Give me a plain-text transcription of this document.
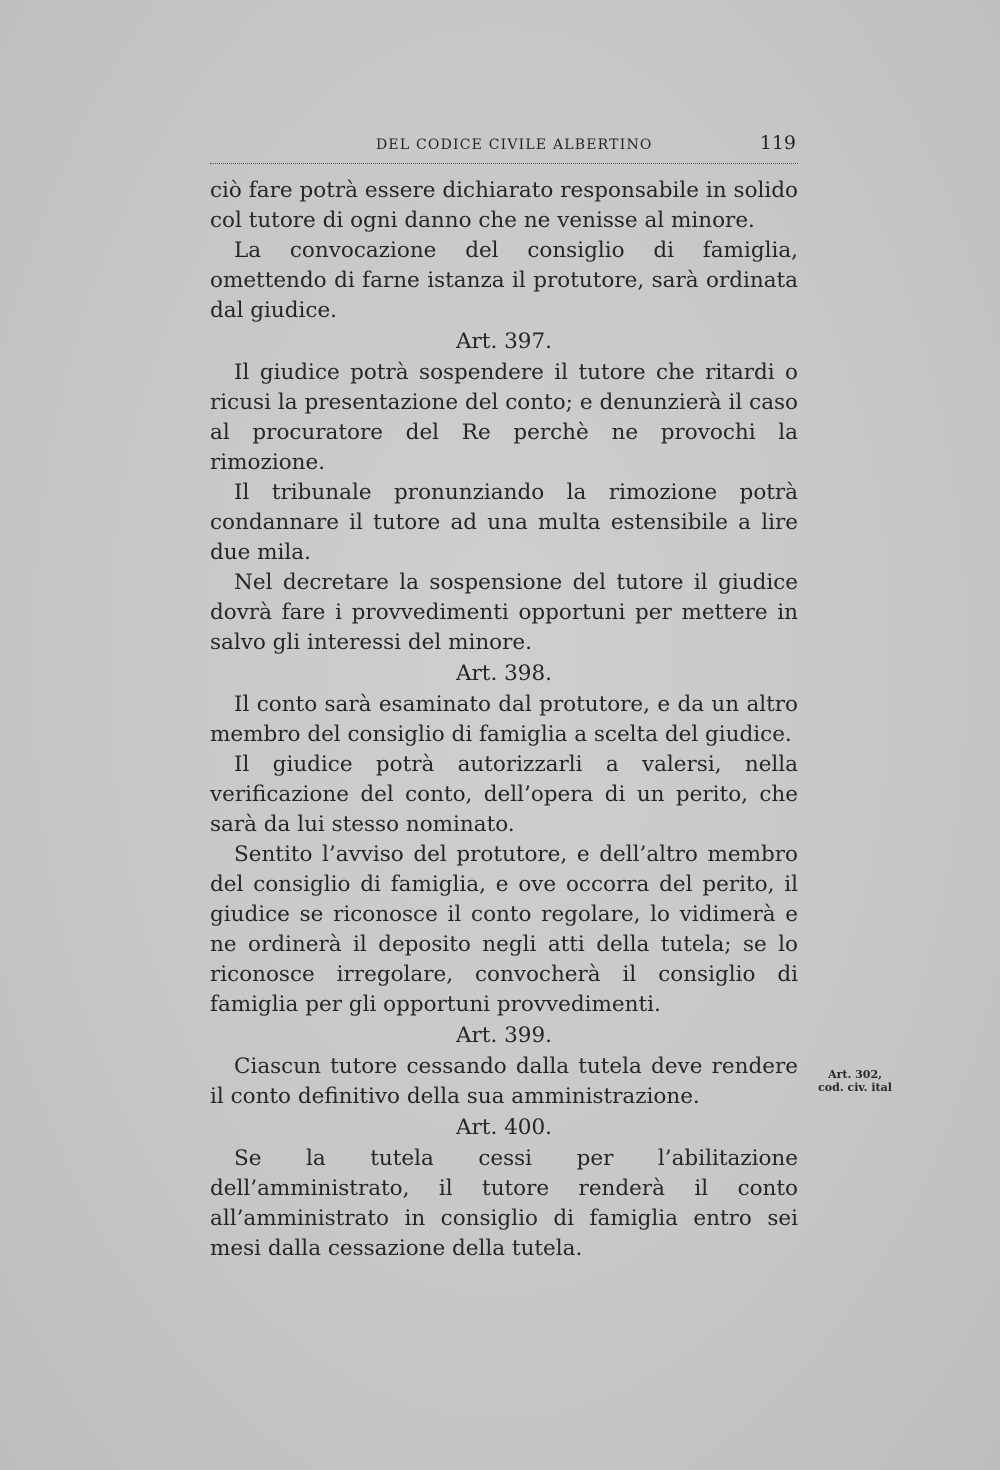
DEL CODICE CIVILE ALBERTINO	119

ciò fare potrà essere dichiarato responsabile in solido col tutore di ogni danno che ne venisse al minore.

La convocazione del consiglio di famiglia, omettendo di farne istanza il protutore, sarà ordinata dal giudice.

Art. 397.

Il giudice potrà sospendere il tutore che ritardi o ricusi la presentazione del conto; e denunzierà il caso al procuratore del Re perchè ne provochi la rimozione.

Il tribunale pronunziando la rimozione potrà condannare il tutore ad una multa estensibile a lire due mila.

Nel decretare la sospensione del tutore il giudice dovrà fare i provvedimenti opportuni per mettere in salvo gli interessi del minore.

Art. 398.

Il conto sarà esaminato dal protutore, e da un altro membro del consiglio di famiglia a scelta del giudice.

Il giudice potrà autorizzarli a valersi, nella verificazione del conto, dell’opera di un perito, che sarà da lui stesso nominato.

Sentito l’avviso del protutore, e dell’altro membro del consiglio di famiglia, e ove occorra del perito, il giudice se riconosce il conto regolare, lo vidimerà e ne ordinerà il deposito negli atti della tutela; se lo riconosce irregolare, convocherà il consiglio di famiglia per gli opportuni provvedimenti.

Art. 399.

Ciascun tutore cessando dalla tutela deve rendere il conto definitivo della sua amministrazione.

Art. 400.

Se la tutela cessi per l’abilitazione dell’amministrato, il tutore renderà il conto all’amministrato in consiglio di famiglia entro sei mesi dalla cessazione della tutela.

Art. 302,
cod. civ. ital
